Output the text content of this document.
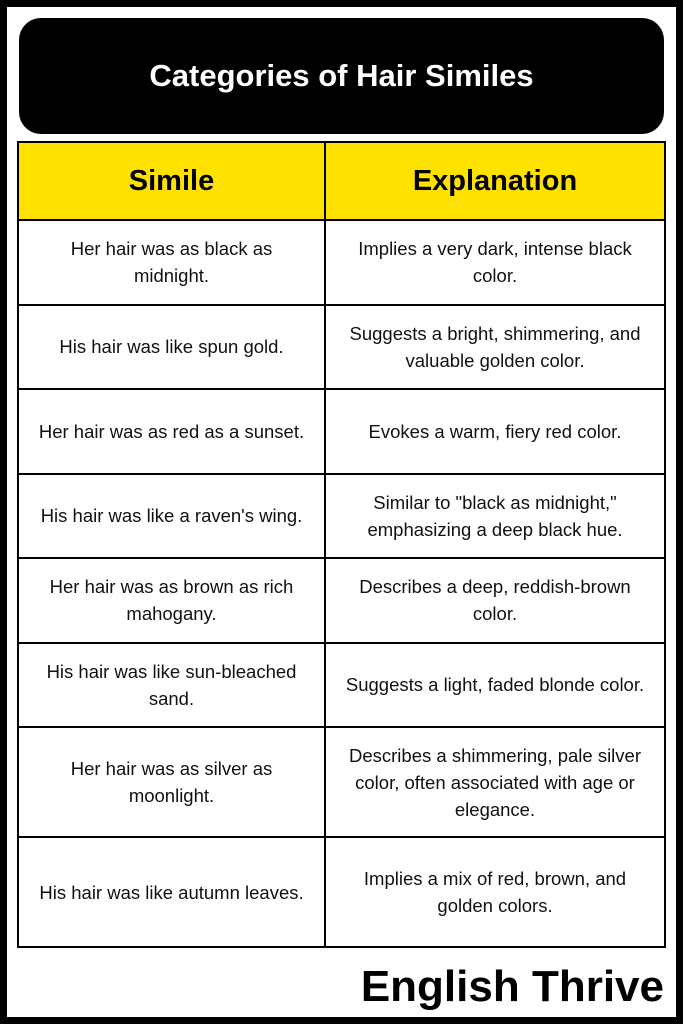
Categories of Hair Similes
Simile	Explanation
Her hair was as black as midnight.	Implies a very dark, intense black color.
His hair was like spun gold.	Suggests a bright, shimmering, and valuable golden color.
Her hair was as red as a sunset.	Evokes a warm, fiery red color.
His hair was like a raven's wing.	Similar to "black as midnight," emphasizing a deep black hue.
Her hair was as brown as rich mahogany.	Describes a deep, reddish-brown color.
His hair was like sun-bleached sand.	Suggests a light, faded blonde color.
Her hair was as silver as moonlight.	Describes a shimmering, pale silver color, often associated with age or elegance.
His hair was like autumn leaves.	Implies a mix of red, brown, and golden colors.
English Thrive
